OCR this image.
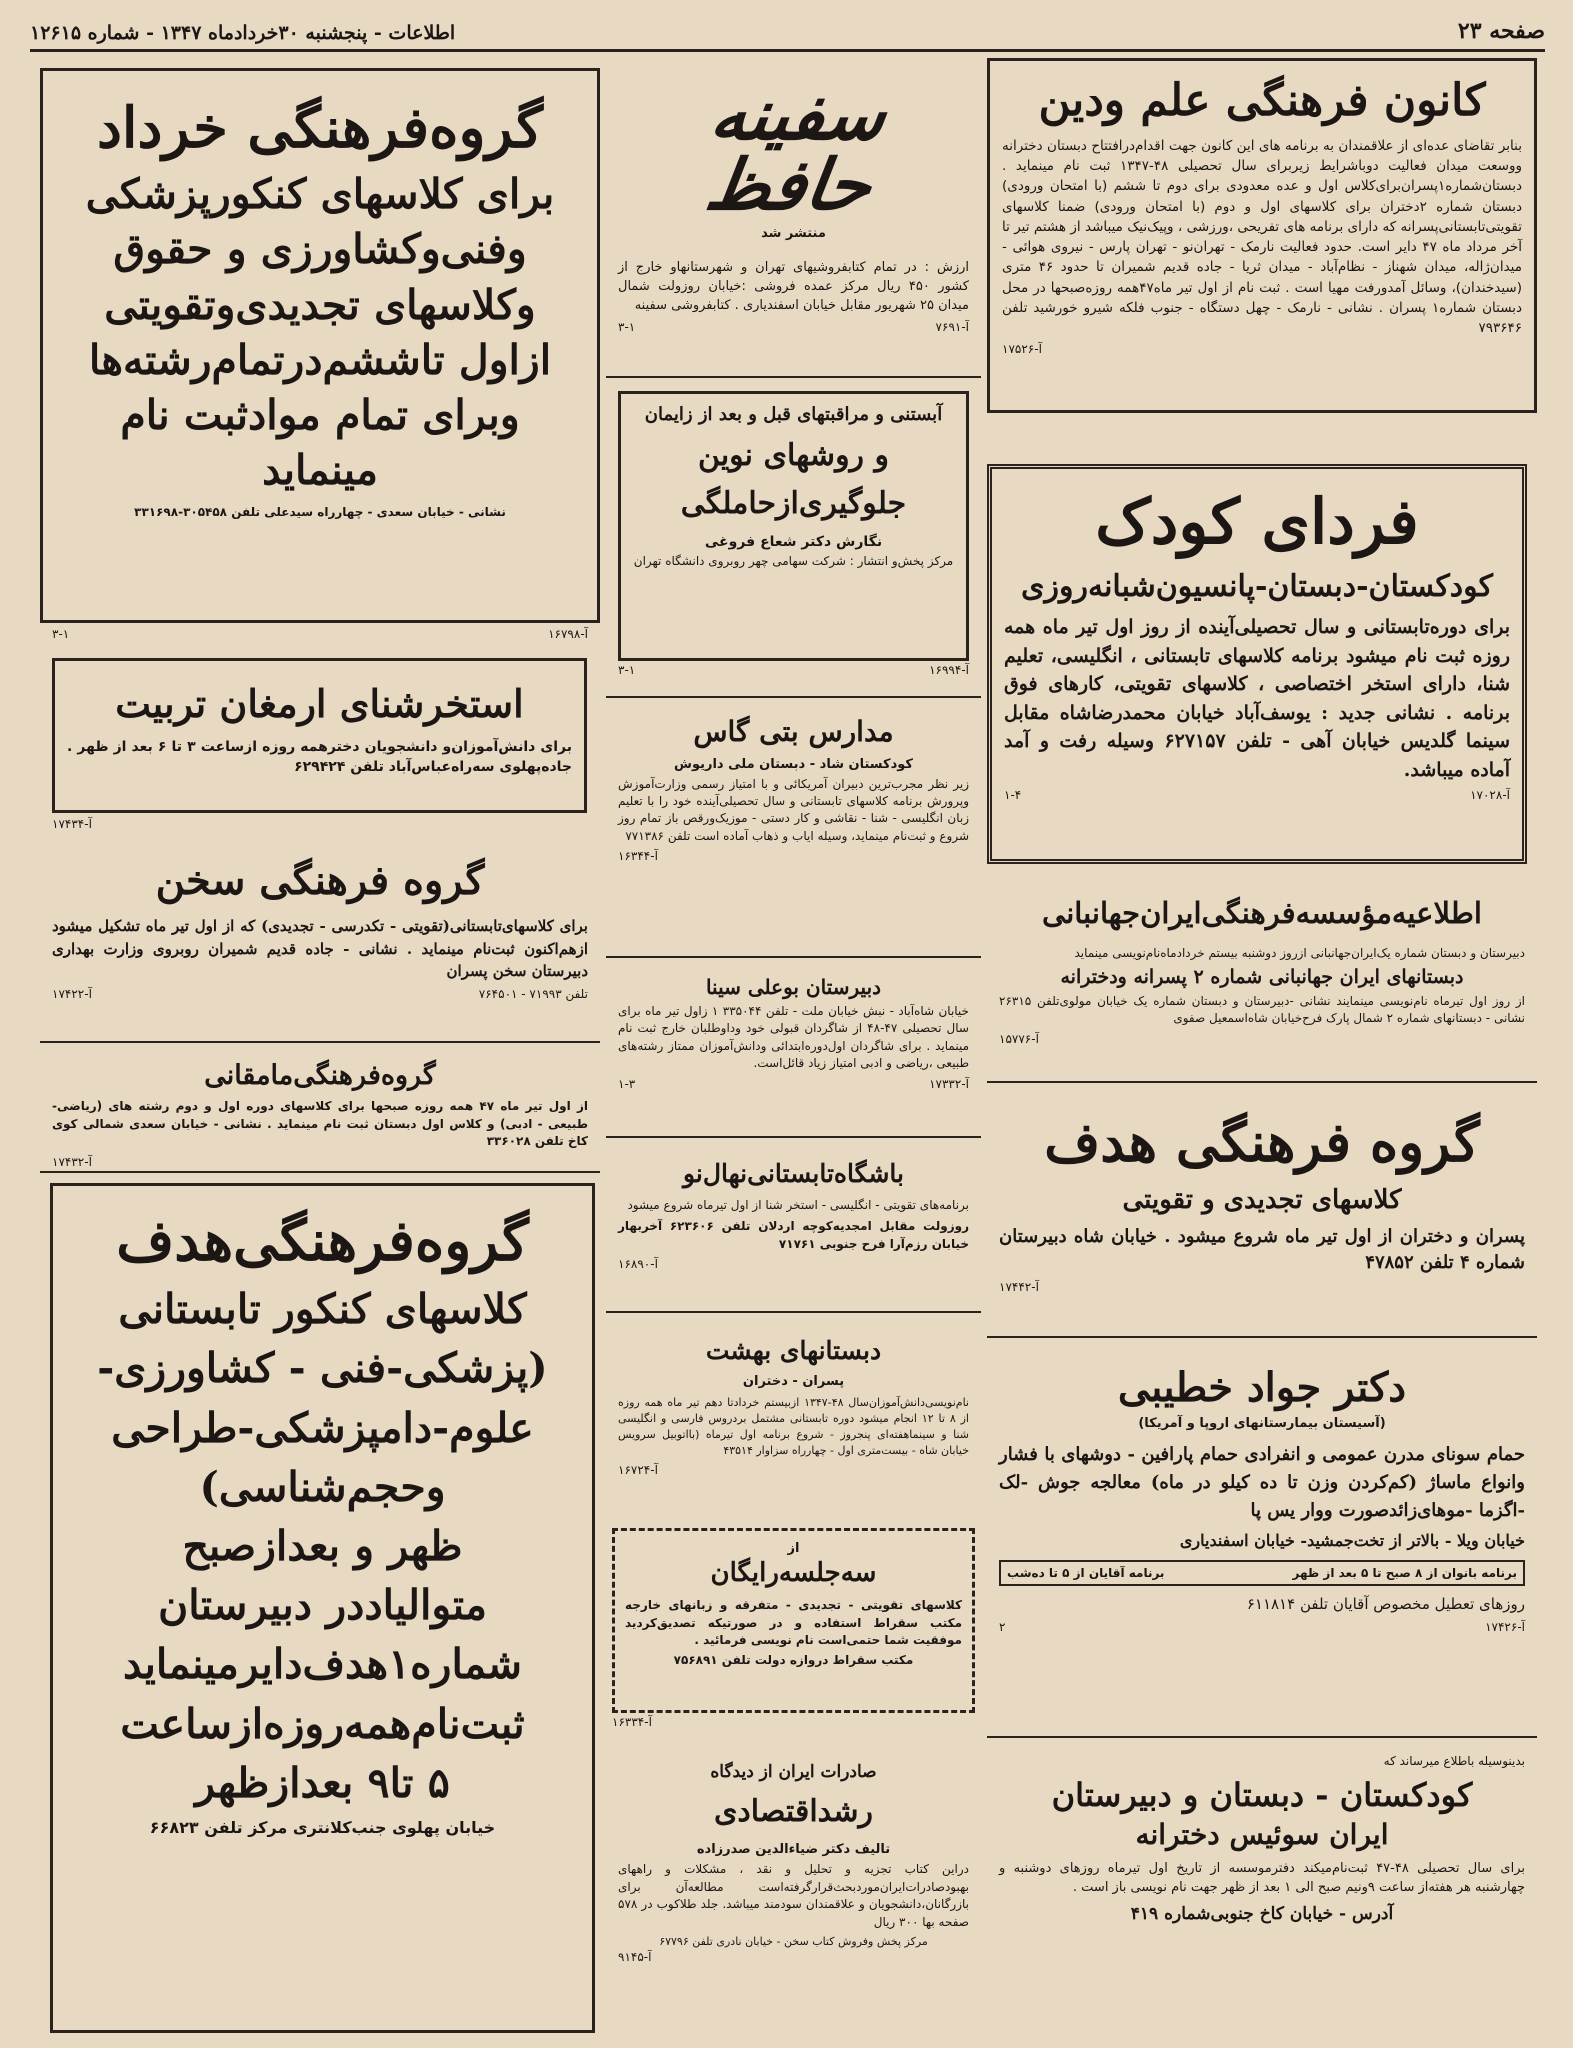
اطلاعات - پنجشنبه ۳۰خردادماه ۱۳۴۷ - شماره ۱۲۶۱۵	صفحه ۲۳
کانون فرهنگی علم ودین

بنابر تقاضای عده‌ای از علاقمندان به برنامه های این کانون جهت اقدام‌درافتتاح دبستان دخترانه ووسعت میدان فعالیت دوباشرایط زیربرای سال تحصیلی ۴۸-۱۳۴۷ ثبت نام مینماید . دبستان‌شماره۱پسران‌برای‌کلاس اول و عده معدودی برای دوم تا ششم (با امتحان ورودی) دبستان شماره ۲دختران برای کلاسهای اول و دوم (با امتحان ورودی) ضمنا کلاسهای تقویتی‌تابستانی‌پسرانه که دارای برنامه های تفریحی ،ورزشی ، وپیک‌نیک میباشد از هشتم تیر تا آخر مرداد ماه ۴۷ دایر است. حدود فعالیت نارمک - تهران‌نو - تهران پارس - نیروی هوائی - میدان‌ژاله، میدان شهناز - نظام‌آباد - میدان ثریا - جاده قدیم شمیران تا حدود ۴۶ متری (سیدخندان)، وسائل آمدورفت‌ مهیا است . ثبت نام از اول تیر ماه۴۷همه روزه‌صبحها در محل دبستان شماره۱ پسران . نشانی - نارمک - چهل دستگاه - جنوب فلکه شیرو خورشید تلفن ۷۹۳۶۴۶

آ-۱۷۵۲۶
فردای کودک
کودکستان-دبستان-پانسیون‌شبانه‌روزی

برای دوره‌تابستانی و سال تحصیلی‌آینده از روز اول تیر ماه همه روزه ثبت نام میشود برنامه کلاسهای تابستانی ، انگلیسی، تعلیم شنا، دارای استخر اختصاصی ، کلاسهای تقویتی، کارهای فوق برنامه . نشانی جدید : یوسف‌آباد خیابان محمدرضاشاه مقابل سینما گلدیس خیابان آهی - تلفن ۶۲۷۱۵۷ وسیله رفت و آمد آماده میباشد.

۱-۴	آ-۱۷۰۲۸
اطلاعیه‌مؤسسه‌فرهنگی‌ایران‌جهانبانی

دبیرستان و دبستان شماره یک‌ایران‌جهانبانی ازروز دوشنبه بیستم خردادماه‌نام‌نویسی مینماید

دبستانهای ایران جهانبانی شماره ۲ پسرانه ودخترانه

از روز اول تیرماه نام‌نویسی مینمایند نشانی -دبیرستان و دبستان شماره یک خیابان مولوی‌تلفن ۲۶۳۱۵ نشانی - دبستانهای شماره ۲ شمال پارک فرح‌خیابان شاه‌اسمعیل صفوی

آ-۱۵۷۷۶
گروه فرهنگی هدف
کلاسهای تجدیدی و تقویتی

پسران و دختران از اول تیر ماه شروع میشود . خیابان شاه دبیرستان شماره ۴ تلفن ۴۷۸۵۲

آ-۱۷۴۴۲
دکتر جواد خطیبی
(آسیستان بیمارستانهای اروپا و آمریکا)

حمام سونای مدرن عمومی و انفرادی حمام پارافین - دوشهای با فشار وانواع ماساژ (کم‌کردن وزن تا ده کیلو در ماه) معالجه جوش -لک -اگزما -موهای‌زائدصورت ووار یس پا

خیابان ویلا - بالاتر از تخت‌جمشید- خیابان اسفندیاری

برنامه بانوان از ۸ صبح تا ۵ بعد از ظهر
برنامه آقایان از ۵ تا ده‌شب

روزهای تعطیل مخصوص آقایان تلفن ۶۱۱۸۱۴

۲	آ-۱۷۴۲۶
بدینوسیله باطلاع میرساند که
کودکستان - دبستان و دبیرستان
ایران سوئیس دخترانه

برای سال تحصیلی ۴۸-۴۷ ثبت‌نام‌میکند دفترموسسه از تاریخ اول تیرماه روزهای دوشنبه و چهارشنبه هر هفته‌از ساعت ۹ونیم صبح الی ۱ بعد از ظهر جهت نام نویسی باز است .

آدرس - خیابان کاخ جنوبی‌شماره ۴۱۹

سفینه حافظ
منتشر شد

ارزش : در تمام کتابفروشیهای تهران و شهرستانهاو خارج از کشور ۴۵۰ ریال مرکز عمده فروشی :خیابان روزولت شمال میدان ۲۵ شهریور مقابل خیابان اسفندیاری . کتابفروشی سفینه

۳-۱	آ-۷۶۹۱
آبستنی و مراقبتهای قبل و بعد از زایمان
و روشهای نوین
جلوگیری‌ازحاملگی
نگارش دکتر شعاع فروغی
مرکز پخش‌و انتشار : شرکت سهامی چهر روبروی دانشگاه تهران
۳-۱	آ-۱۶۹۹۴
مدارس بتی گاس
کودکستان شاد - دبستان ملی داریوش

زیر نظر مجرب‌ترین دبیران آمریکائی و با امتیاز رسمی وزارت‌آموزش وپرورش برنامه کلاسهای تابستانی و سال تحصیلی‌آینده خود را با تعلیم زبان انگلیسی - شنا - نقاشی و کار دستی - موزیک‌ورقص باز تمام روز شروع و ثبت‌نام مینماید، وسیله ایاب و ذهاب آماده است تلفن ۷۷۱۳۸۶

آ-۱۶۳۴۴
دبیرستان بوعلی سینا

خیابان شاه‌آباد - نبش خیابان ملت - تلفن ۳۳۵۰۴۴ ۱ زاول تیر ماه برای سال تحصیلی ۴۷-۴۸ از شاگردان قبولی خود وداوطلبان خارج ثبت نام مینماید . برای شاگردان اول‌دوره‌ابتدائی ودانش‌آموزان ممتاز رشته‌های طبیعی ،ریاضی و ادبی امتیاز زیاد قائل‌است.

۱-۳	آ-۱۷۳۳۲
باشگاه‌تابستانی‌نهال‌نو

برنامه‌های تقویتی - انگلیسی - استخر شنا از اول تیرماه شروع میشود

روزولت مقابل امجدیه‌کوچه اردلان تلفن ۶۲۳۶۰۶ آخربهار خیابان رزم‌آرا فرح جنوبی ۷۱۷۶۱

آ-۱۶۸۹۰
دبستانهای بهشت
پسران - دختران

نام‌نویسی‌دانش‌آموزان‌سال ۴۸-۱۳۴۷ ازبیستم خردادتا دهم تیر ماه همه روزه از ۸ تا ۱۲ انجام میشود دوره تابستانی مشتمل بردروس فارسی و انگلیسی شنا و سینماهفته‌ای پنجروز - شروع برنامه اول تیرماه (بااتوبیل سرویس خیابان شاه - بیست‌متری اول - چهارراه سزاوار ۴۳۵۱۴

آ-۱۶۷۲۴
از
سه‌جلسه‌رایگان

کلاسهای تقویتی - تجدیدی - متفرقه و زبانهای خارجه مکتب سقراط استفاده و در صورتیکه تصدیق‌کردید موفقیت شما حتمی‌است نام نویسی فرمائید .

مکتب سقراط دروازه دولت تلفن ۷۵۶۸۹۱
آ-۱۶۳۳۴
صادرات ایران از دیدگاه
رشداقتصادی
تالیف دکتر ضیاءالدین صدرزاده

دراین کتاب تجزیه و تحلیل و نقد ، مشکلات و راههای بهبودصادرات‌ایران‌موردبحث‌قرارگرفته‌است مطالعه‌آن برای بازرگانان،دانشجویان و علاقمندان سودمند میباشد. جلد طلاکوب در ۵۷۸ صفحه بها ۳۰۰ ریال

مرکز پخش وفروش کتاب سخن - خیابان نادری تلفن ۶۷۷۹۶
آ-۹۱۴۵
گروه‌فرهنگی خرداد
برای کلاسهای کنکورپزشکی
وفنی‌وکشاورزی و حقوق
وکلاسهای تجدیدی‌وتقویتی
ازاول تاششم‌درتمام‌رشته‌ها
وبرای تمام موادثبت نام
مینماید
نشانی - خیابان سعدی - چهارراه سیدعلی تلفن ۳۰۵۴۵۸-۳۳۱۶۹۸
۳-۱	آ-۱۶۷۹۸
استخرشنای ارمغان تربیت

برای دانش‌آموزان‌و دانشجویان دخترهمه روزه ازساعت ۳ تا ۶ بعد از ظهر . جاده‌پهلوی سه‌راه‌عباس‌آباد تلفن ۶۲۹۴۲۴

آ-۱۷۴۳۴
گروه فرهنگی سخن

برای کلاسهای‌تابستانی(تقویتی - تکدرسی - تجدیدی) که از اول تیر ماه تشکیل میشود ازهم‌اکنون ثبت‌نام مینماید . نشانی - جاده قدیم شمیران روبروی وزارت بهداری دبیرستان سخن پسران

آ-۱۷۴۲۲	تلفن ۷۱۹۹۳ - ۷۶۴۵۰۱
گروه‌فرهنگی‌مامقانی

از اول تیر ماه ۴۷ همه روزه صبحها برای کلاسهای دوره اول و دوم رشته های (ریاضی- طبیعی - ادبی) و کلاس اول دبستان ثبت نام مینماید . نشانی - خیابان سعدی شمالی کوی کاخ تلفن ۳۳۶۰۲۸

آ-۱۷۴۳۲
گروه‌فرهنگی‌هدف
کلاسهای کنکور تابستانی
(پزشکی-فنی - کشاورزی-
علوم-دامپزشکی-طراحی
وحجم‌شناسی)
ظهر و بعدازصبح
متوالیاددر دبیرستان
شماره۱هدف‌دایرمینماید
ثبت‌نام‌همه‌روزه‌ازساعت
۵ تا۹ بعدازظهر
خیابان پهلوی جنب‌کلانتری مرکز تلفن ۶۶۸۲۳
